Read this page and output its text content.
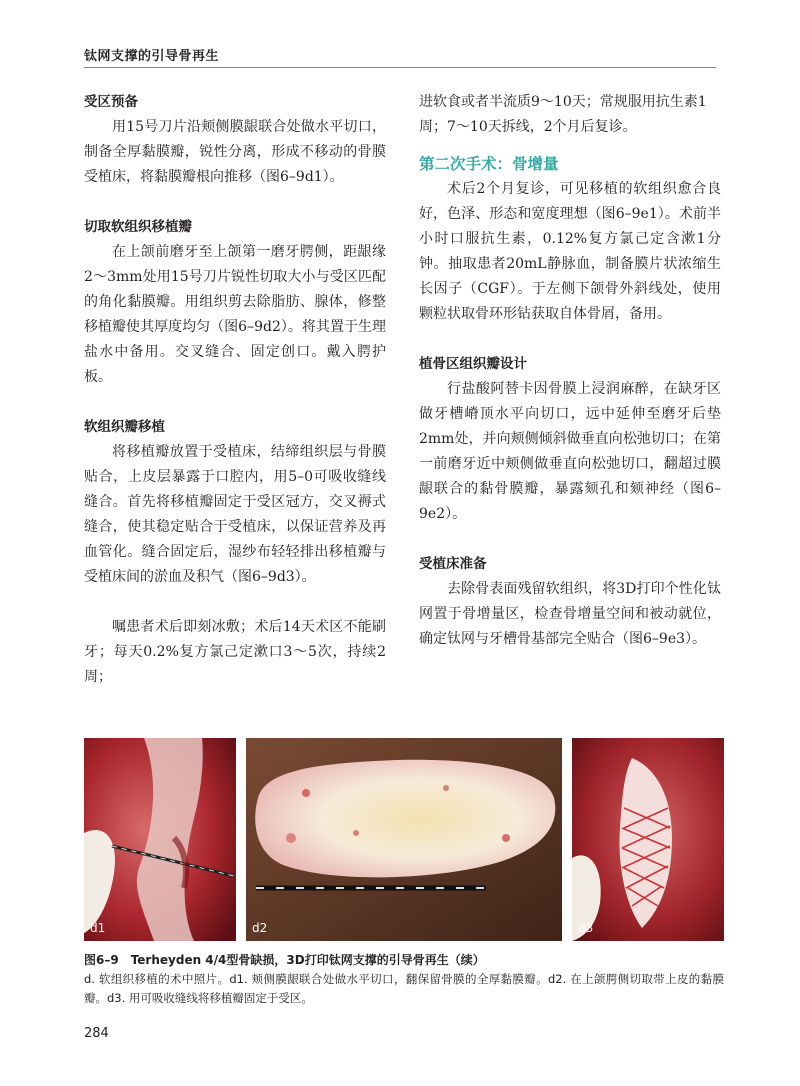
钛网支撑的引导骨再生
受区预备
用15号刀片沿颊侧膜龈联合处做水平切口，制备全厚黏膜瓣，锐性分离，形成不移动的骨膜受植床，将黏膜瓣根向推移（图6–9d1）。
切取软组织移植瓣
在上颌前磨牙至上颌第一磨牙腭侧，距龈缘2～3mm处用15号刀片锐性切取大小与受区匹配的角化黏膜瓣。用组织剪去除脂肪、腺体，修整移植瓣使其厚度均匀（图6–9d2）。将其置于生理盐水中备用。交叉缝合、固定创口。戴入腭护板。
软组织瓣移植
将移植瓣放置于受植床，结缔组织层与骨膜贴合，上皮层暴露于口腔内，用5–0可吸收缝线缝合。首先将移植瓣固定于受区冠方，交叉褥式缝合，使其稳定贴合于受植床，以保证营养及再血管化。缝合固定后，湿纱布轻轻排出移植瓣与受植床间的淤血及积气（图6–9d3）。
嘱患者术后即刻冰敷；术后14天术区不能刷牙；每天0.2%复方氯己定漱口3～5次，持续2周；
进软食或者半流质9～10天；常规服用抗生素1周；7～10天拆线，2个月后复诊。
第二次手术：骨增量
术后2个月复诊，可见移植的软组织愈合良好，色泽、形态和宽度理想（图6–9e1）。术前半小时口服抗生素，0.12%复方氯己定含漱1分钟。抽取患者20mL静脉血，制备膜片状浓缩生长因子（CGF）。于左侧下颌骨外斜线处，使用颗粒状取骨环形钻获取自体骨屑，备用。
植骨区组织瓣设计
行盐酸阿替卡因骨膜上浸润麻醉，在缺牙区做牙槽嵴顶水平向切口，远中延伸至磨牙后垫2mm处，并向颊侧倾斜做垂直向松弛切口；在第一前磨牙近中颊侧做垂直向松弛切口，翻超过膜龈联合的黏骨膜瓣，暴露颏孔和颏神经（图6–9e2）。
受植床准备
去除骨表面残留软组织，将3D打印个性化钛网置于骨增量区，检查骨增量空间和被动就位，确定钛网与牙槽骨基部完全贴合（图6–9e3）。
d1	d2	d3
图6–9　Terheyden 4/4型骨缺损，3D打印钛网支撑的引导骨再生（续）
d. 软组织移植的术中照片。d1. 颊侧膜龈联合处做水平切口，翻保留骨膜的全厚黏膜瓣。d2. 在上颌腭侧切取带上皮的黏膜瓣。d3. 用可吸收缝线将移植瓣固定于受区。
284
